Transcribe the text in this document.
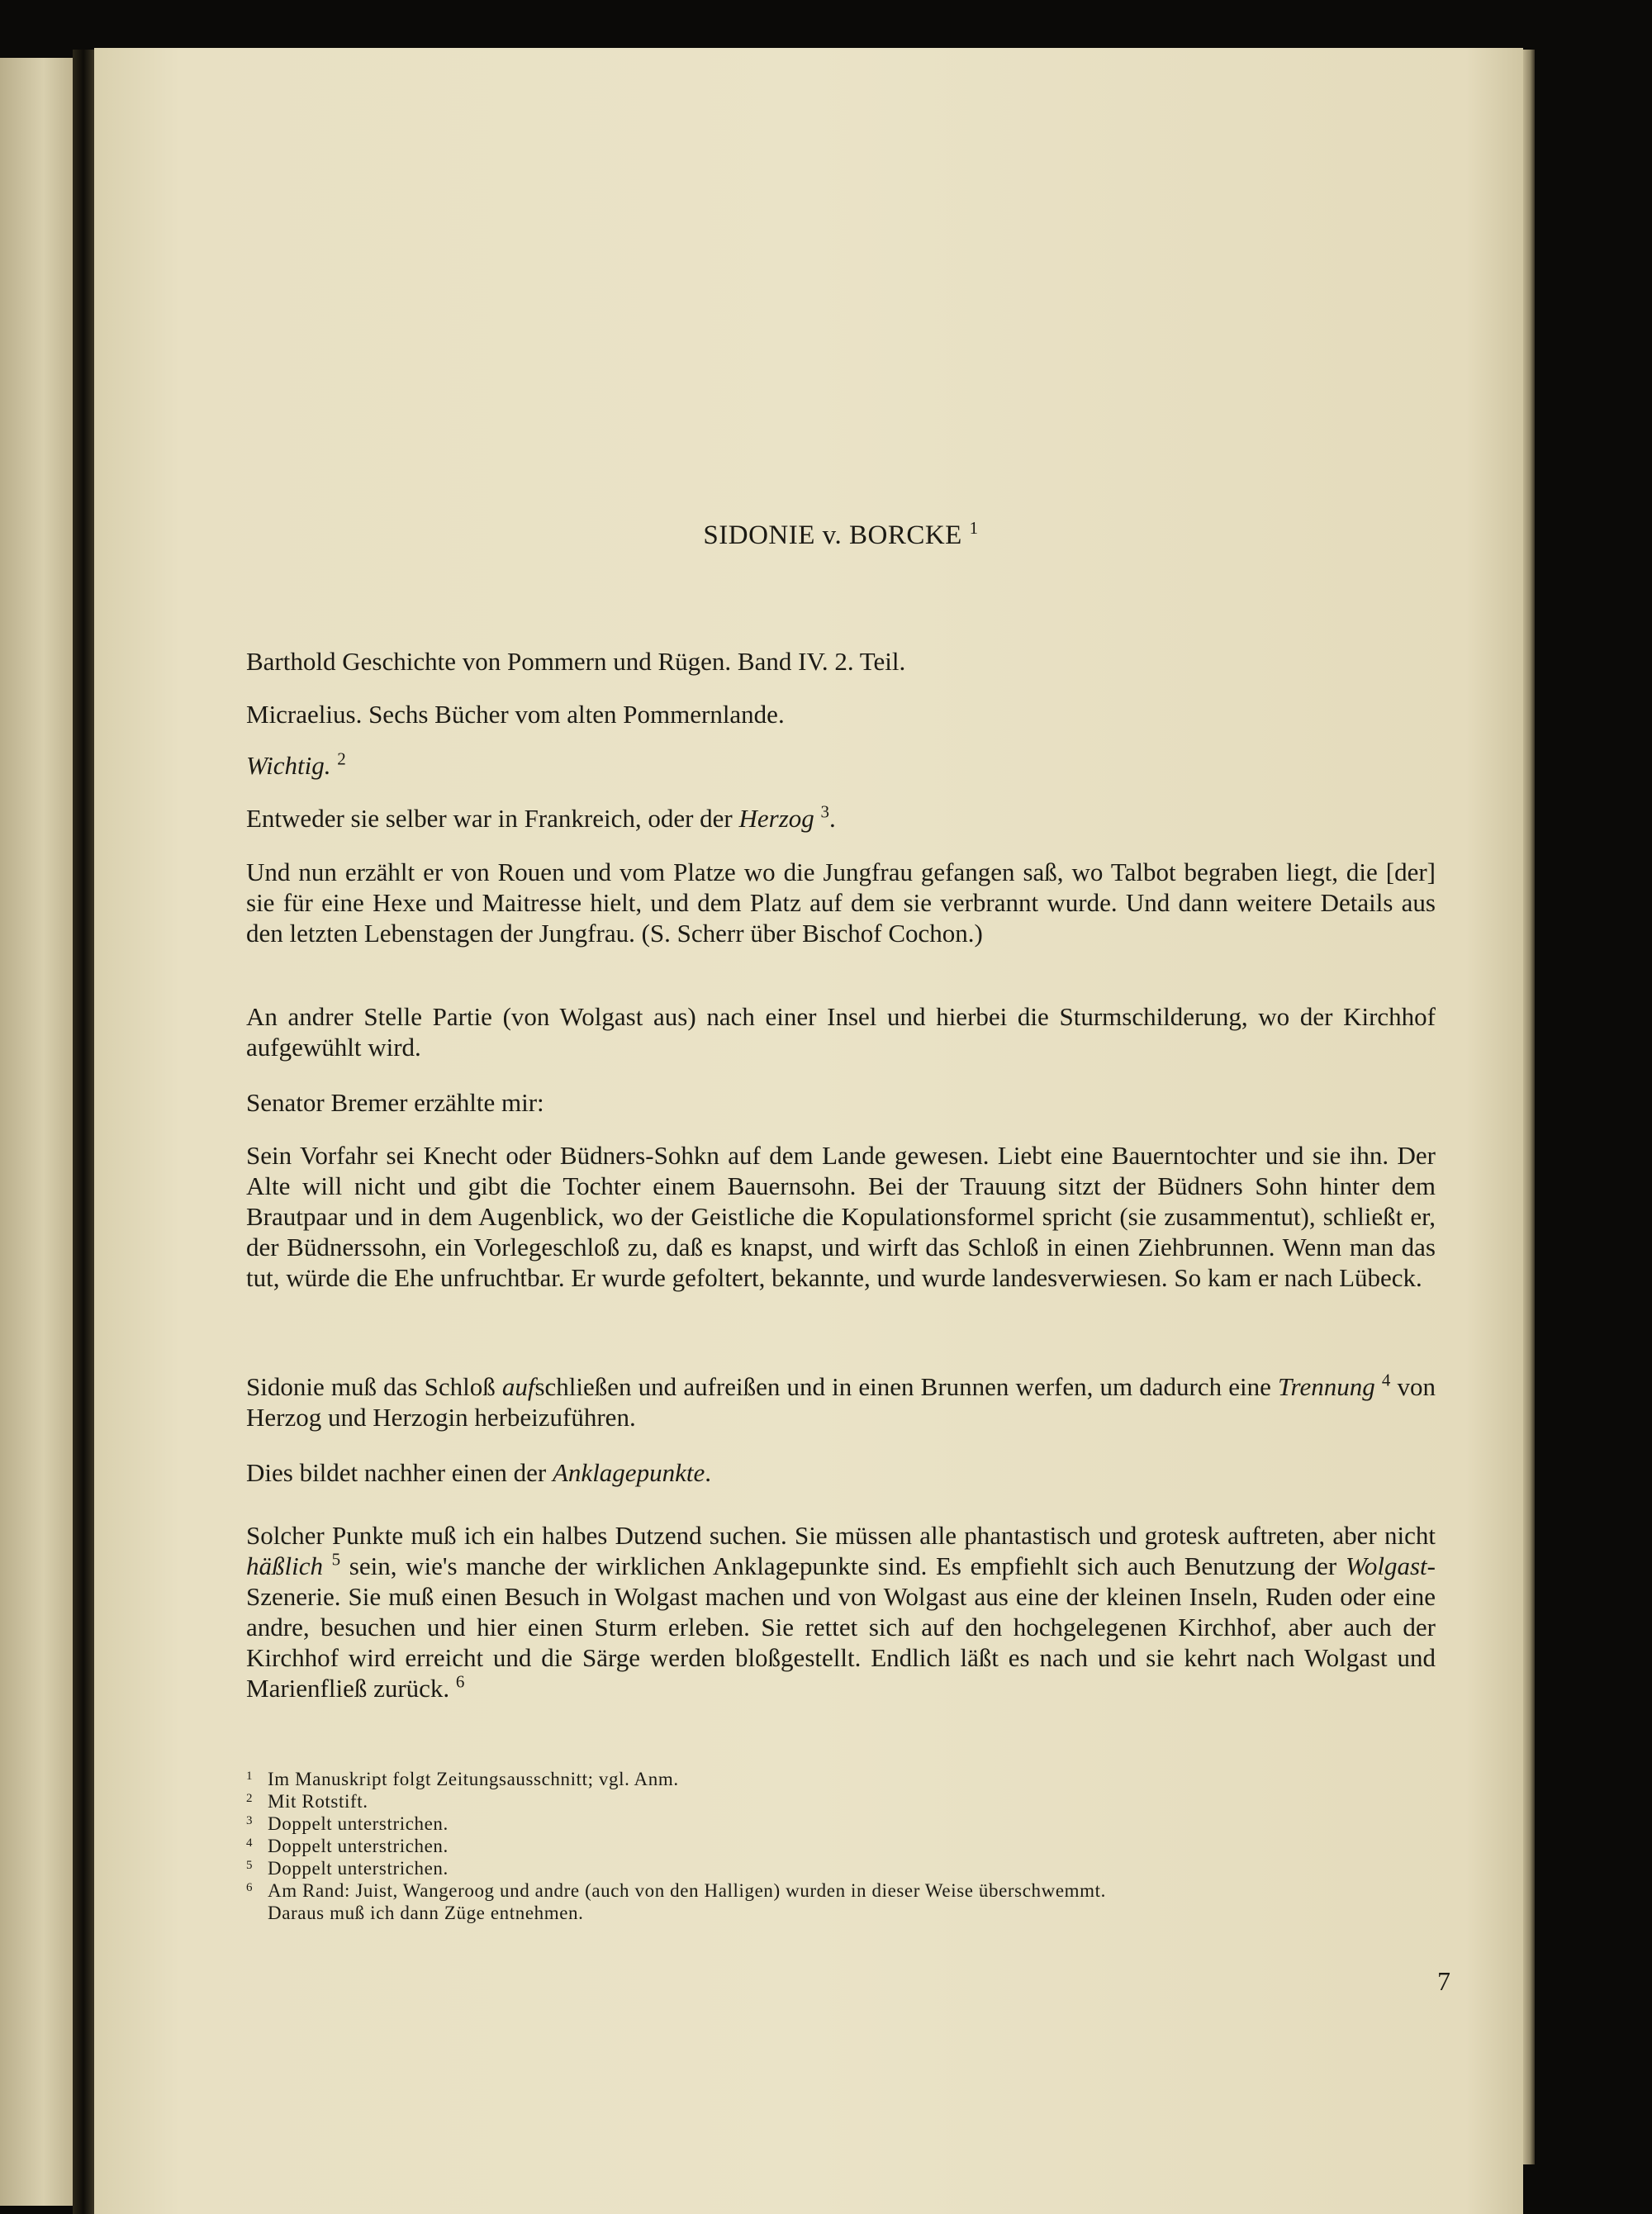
SIDONIE v. BORCKE $^1$

Barthold Geschichte von Pommern und Rügen. Band IV. 2. Teil.

Micraelius. Sechs Bücher vom alten Pommernlande.

Wichtig. $^2$

Entweder sie selber war in Frankreich, oder der Herzog $^3$.

Und nun erzählt er von Rouen und vom Platze wo die Jungfrau gefangen saß, wo Talbot begraben liegt, die [der] sie für eine Hexe und Maitresse hielt, und dem Platz auf dem sie verbrannt wurde. Und dann weitere Details aus den letzten Lebenstagen der Jungfrau. (S. Scherr über Bischof Cochon.)

An andrer Stelle Partie (von Wolgast aus) nach einer Insel und hierbei die Sturmschilderung, wo der Kirchhof aufgewühlt wird.

Senator Bremer erzählte mir:

Sein Vorfahr sei Knecht oder Büdners-Sohkn auf dem Lande gewesen. Liebt eine Bauerntochter und sie ihn. Der Alte will nicht und gibt die Tochter einem Bauernsohn. Bei der Trauung sitzt der Büdners Sohn hinter dem Brautpaar und in dem Augenblick, wo der Geistliche die Kopulationsformel spricht (sie zusammentut), schließt er, der Büdnerssohn, ein Vorlegeschloß zu, daß es knapst, und wirft das Schloß in einen Ziehbrunnen. Wenn man das tut, würde die Ehe unfruchtbar. Er wurde gefoltert, bekannte, und wurde landesverwiesen. So kam er nach Lübeck.

Sidonie muß das Schloß aufschließen und aufreißen und in einen Brunnen werfen, um dadurch eine Trennung $^4$ von Herzog und Herzogin herbeizuführen.

Dies bildet nachher einen der Anklagepunkte.

Solcher Punkte muß ich ein halbes Dutzend suchen. Sie müssen alle phantastisch und grotesk auftreten, aber nicht häßlich $^5$ sein, wie's manche der wirklichen Anklagepunkte sind. Es empfiehlt sich auch Benutzung der Wolgast-Szenerie. Sie muß einen Besuch in Wolgast machen und von Wolgast aus eine der kleinen Inseln, Ruden oder eine andre, besuchen und hier einen Sturm erleben. Sie rettet sich auf den hochgelegenen Kirchhof, aber auch der Kirchhof wird erreicht und die Särge werden bloßgestellt. Endlich läßt es nach und sie kehrt nach Wolgast und Marienfließ zurück. $^6$

1 Im Manuskript folgt Zeitungsausschnitt; vgl. Anm.
2 Mit Rotstift.
3 Doppelt unterstrichen.
4 Doppelt unterstrichen.
5 Doppelt unterstrichen.
6 Am Rand: Juist, Wangeroog und andre (auch von den Halligen) wurden in dieser Weise überschwemmt.
Daraus muß ich dann Züge entnehmen.
7
